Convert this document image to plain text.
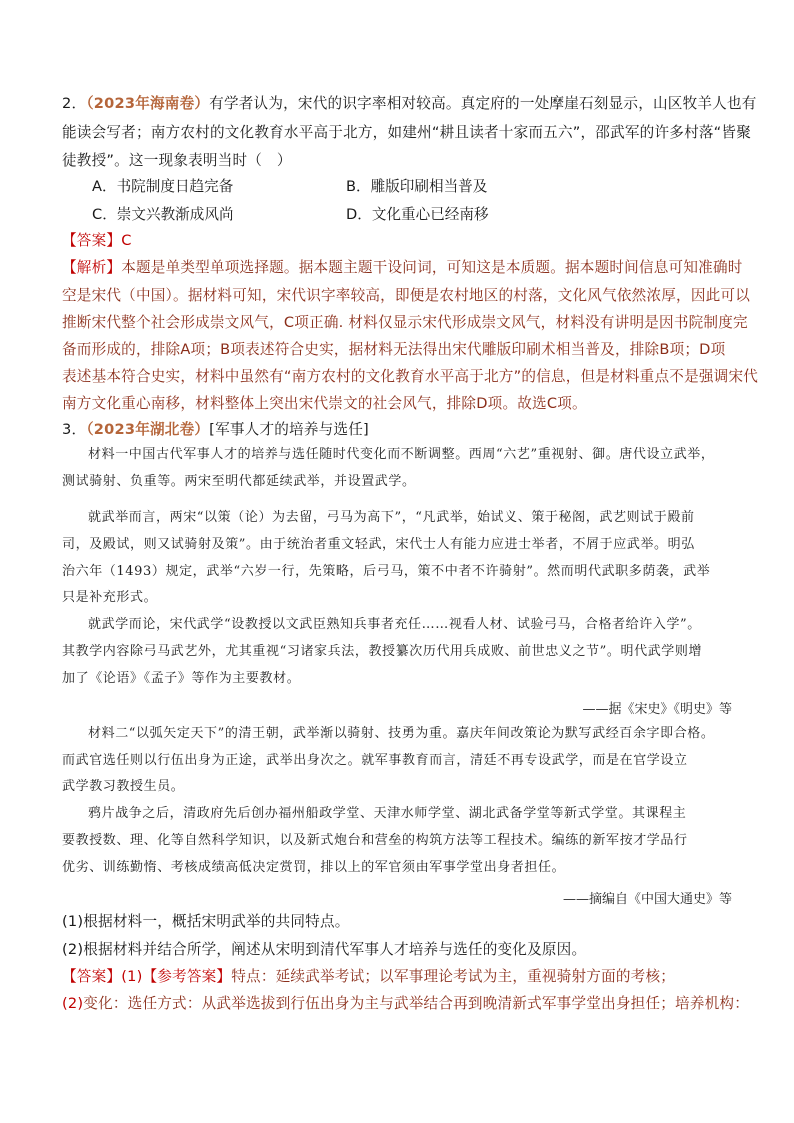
2．（2023年海南卷）有学者认为，宋代的识字率相对较高。真定府的一处摩崖石刻显示，山区牧羊人也有
能读会写者；南方农村的文化教育水平高于北方，如建州“耕且读者十家而五六”，邵武军的许多村落“皆聚
徒教授”。这一现象表明当时（　）
A．书院制度日趋完备	B．雕版印刷相当普及
C．崇文兴教渐成风尚	D．文化重心已经南移
【答案】C
【解析】本题是单类型单项选择题。据本题主题干设问词，可知这是本质题。据本题时间信息可知准确时
空是宋代（中国）。据材料可知，宋代识字率较高，即便是农村地区的村落，文化风气依然浓厚，因此可以
推断宋代整个社会形成崇文风气，C项正确. 材料仅显示宋代形成崇文风气，材料没有讲明是因书院制度完
备而形成的，排除A项；B项表述符合史实，据材料无法得出宋代雕版印刷术相当普及，排除B项；D项
表述基本符合史实，材料中虽然有“南方农村的文化教育水平高于北方”的信息，但是材料重点不是强调宋代
南方文化重心南移，材料整体上突出宋代崇文的社会风气，排除D项。故选C项。
3．（2023年湖北卷）[军事人才的培养与选任]
材料一中国古代军事人才的培养与选任随时代变化而不断调整。西周“六艺”重视射、御。唐代设立武举，
测试骑射、负重等。两宋至明代都延续武举，并设置武学。
就武举而言，两宋“以策（论）为去留，弓马为高下”，“凡武举，始试义、策于秘阁，武艺则试于殿前
司，及殿试，则又试骑射及策”。由于统治者重文轻武，宋代士人有能力应进士举者，不屑于应武举。明弘
治六年（1493）规定，武举“六岁一行，先策略，后弓马，策不中者不许骑射”。然而明代武职多荫袭，武举
只是补充形式。
就武学而论，宋代武学“设教授以文武臣熟知兵事者充任……视看人材、试验弓马，合格者给许入学”。
其教学内容除弓马武艺外，尤其重视“习诸家兵法，教授纂次历代用兵成败、前世忠义之节”。明代武学则增
加了《论语》《孟子》等作为主要教材。
——据《宋史》《明史》等
材料二“以弧矢定天下”的清王朝，武举渐以骑射、技勇为重。嘉庆年间改策论为默写武经百余字即合格。
而武官选任则以行伍出身为正途，武举出身次之。就军事教育而言，清廷不再专设武学，而是在官学设立
武学教习教授生员。
鸦片战争之后，清政府先后创办福州船政学堂、天津水师学堂、湖北武备学堂等新式学堂。其课程主
要教授数、理、化等自然科学知识，以及新式炮台和营垒的构筑方法等工程技术。编练的新军按才学品行
优劣、训练勤惰、考核成绩高低决定赏罚，排以上的军官须由军事学堂出身者担任。
——摘编自《中国大通史》等
(1)根据材料一，概括宋明武举的共同特点。
(2)根据材料并结合所学，阐述从宋明到清代军事人才培养与选任的变化及原因。
【答案】(1)【参考答案】特点：延续武举考试；以军事理论考试为主，重视骑射方面的考核；
(2)变化：选任方式：从武举选拔到行伍出身为主与武举结合再到晚清新式军事学堂出身担任；培养机构：
